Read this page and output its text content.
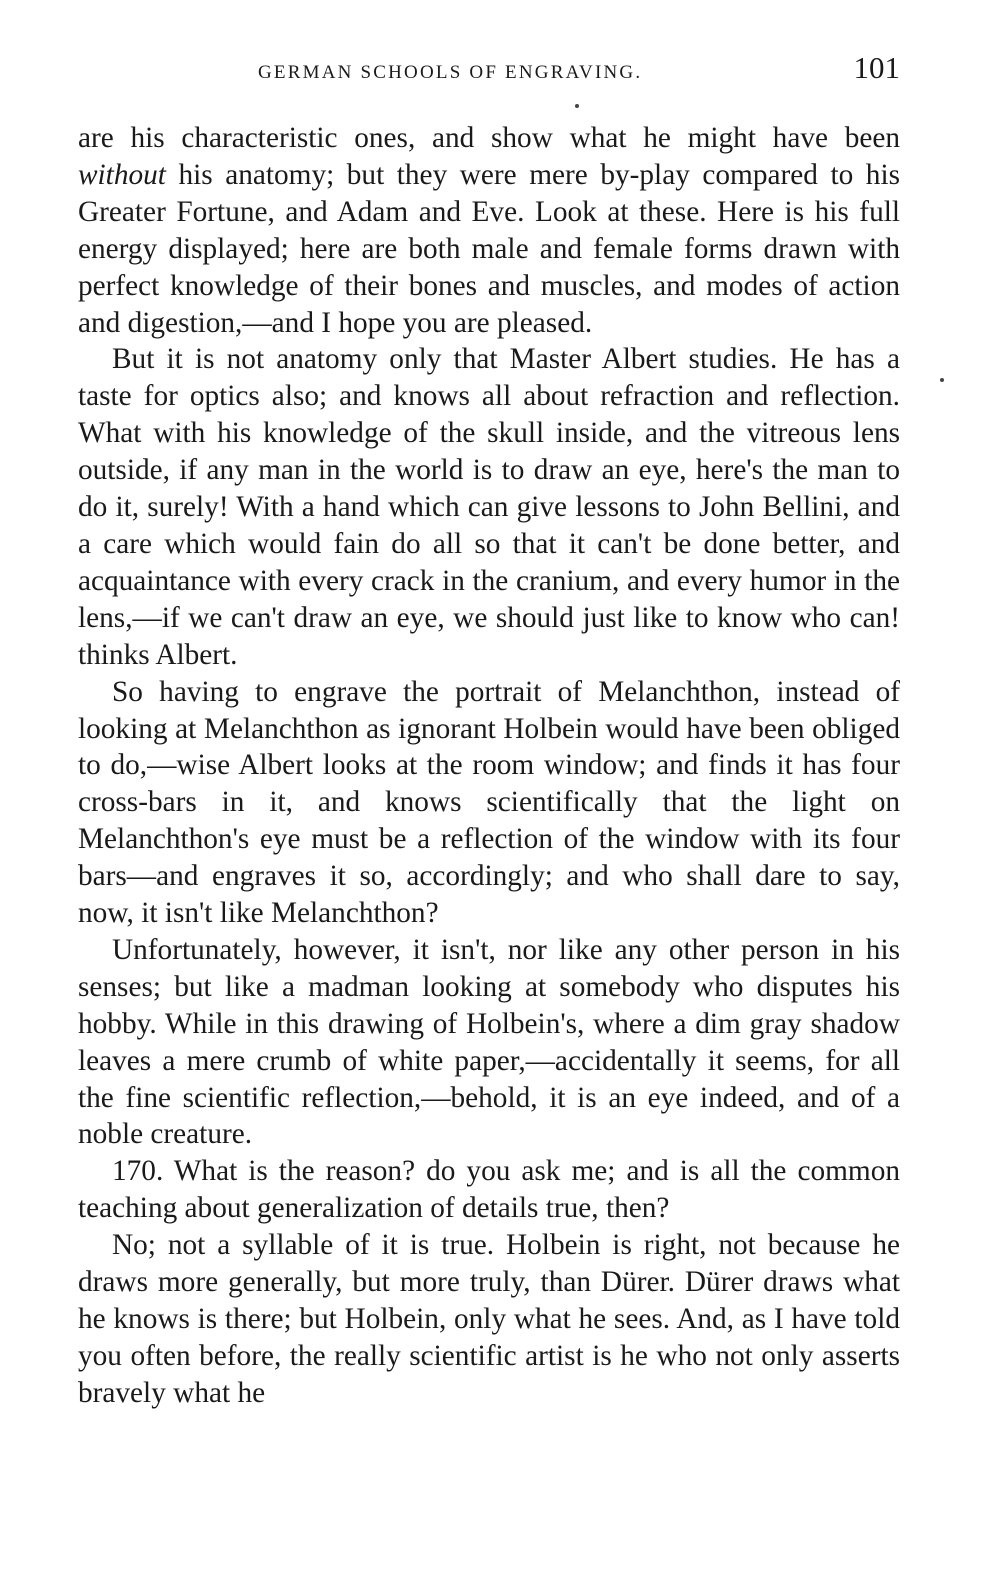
GERMAN SCHOOLS OF ENGRAVING.	101

are his characteristic ones, and show what he might have been without his anatomy; but they were mere by-play compared to his Greater Fortune, and Adam and Eve. Look at these. Here is his full energy displayed; here are both male and female forms drawn with perfect knowledge of their bones and muscles, and modes of action and digestion,—and I hope you are pleased.

But it is not anatomy only that Master Albert studies. He has a taste for optics also; and knows all about refraction and reflection. What with his knowledge of the skull inside, and the vitreous lens outside, if any man in the world is to draw an eye, here's the man to do it, surely! With a hand which can give lessons to John Bellini, and a care which would fain do all so that it can't be done better, and acquaintance with every crack in the cranium, and every humor in the lens,—if we can't draw an eye, we should just like to know who can! thinks Albert.

So having to engrave the portrait of Melanchthon, instead of looking at Melanchthon as ignorant Holbein would have been obliged to do,—wise Albert looks at the room window; and finds it has four cross-bars in it, and knows scientifically that the light on Melanchthon's eye must be a reflection of the window with its four bars—and engraves it so, accordingly; and who shall dare to say, now, it isn't like Melanchthon?

Unfortunately, however, it isn't, nor like any other person in his senses; but like a madman looking at somebody who disputes his hobby. While in this drawing of Holbein's, where a dim gray shadow leaves a mere crumb of white paper,—accidentally it seems, for all the fine scientific reflection,—behold, it is an eye indeed, and of a noble creature.

170. What is the reason? do you ask me; and is all the common teaching about generalization of details true, then?

No; not a syllable of it is true. Holbein is right, not because he draws more generally, but more truly, than Dürer. Dürer draws what he knows is there; but Holbein, only what he sees. And, as I have told you often before, the really scientific artist is he who not only asserts bravely what he
